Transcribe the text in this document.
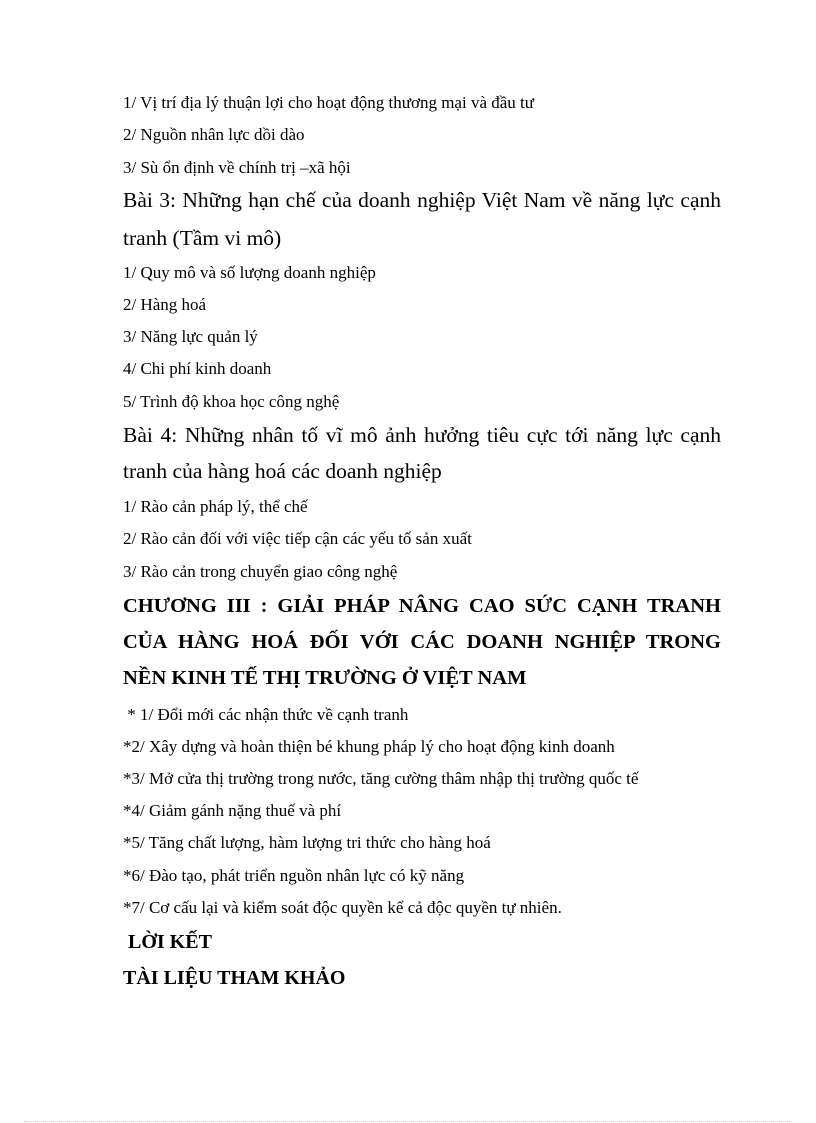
1/ Vị trí địa lý thuận lợi cho hoạt động thương mại và đầu tư

2/ Nguồn nhân lực dồi dào

3/ Sù ổn định về chính trị –xã hội

Bài 3: Những hạn chế của doanh nghiệp Việt Nam về năng lực cạnh

tranh (Tầm vi mô)

1/ Quy mô và số lượng doanh nghiệp

2/ Hàng hoá

3/ Năng lực quản lý

4/ Chi phí kinh doanh

5/ Trình độ khoa học công nghệ

Bài 4: Những nhân tố vĩ mô ảnh hưởng tiêu cực tới năng lực cạnh

tranh của hàng hoá các doanh nghiệp

1/ Rào cản pháp lý, thể chế

2/ Rào cản đối với việc tiếp cận các yếu tố sản xuất

3/ Rào cản trong chuyển giao công nghệ

CHƯƠNG III : GIẢI PHÁP NÂNG CAO SỨC CẠNH TRANH

CỦA HÀNG HOÁ ĐỐI VỚI CÁC DOANH NGHIỆP TRONG

NỀN KINH TẾ THỊ TRƯỜNG Ở VIỆT NAM

* 1/ Đổi mới các nhận thức về cạnh tranh

*2/ Xây dựng và hoàn thiện bé khung pháp lý cho hoạt động kinh doanh

*3/ Mở cửa thị trường trong nước, tăng cường thâm nhập thị trường quốc tế

*4/ Giảm gánh nặng thuế và phí

*5/ Tăng chất lượng, hàm lượng tri thức cho hàng hoá

*6/ Đào tạo, phát triển nguồn nhân lực có kỹ năng

*7/ Cơ cấu lại và kiểm soát độc quyền kể cả độc quyền tự nhiên.

LỜI KẾT

TÀI LIỆU THAM KHẢO
